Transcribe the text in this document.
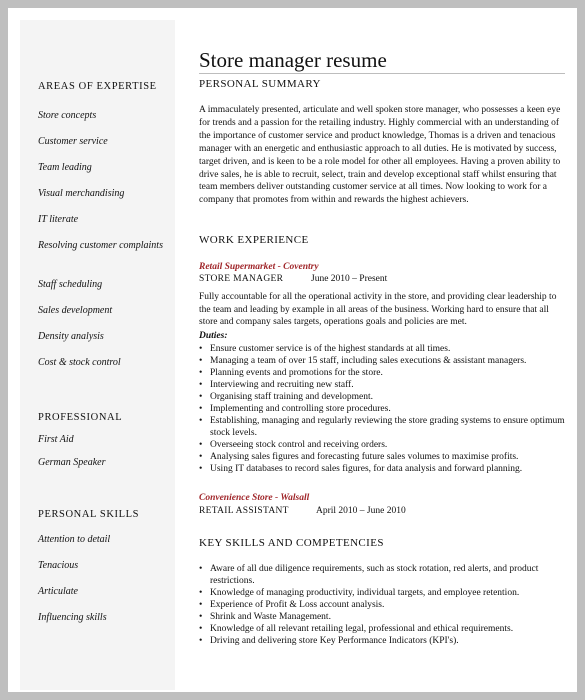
AREAS OF EXPERTISE
Store concepts
Customer service
Team leading
Visual merchandising
IT literate
Resolving customer complaints
Staff scheduling
Sales development
Density analysis
Cost & stock control
PROFESSIONAL
First Aid
German Speaker
PERSONAL SKILLS
Attention to detail
Tenacious
Articulate
Influencing skills
Store manager resume
PERSONAL SUMMARY

A immaculately presented, articulate and well spoken store manager, who possesses a keen eye for trends and a passion for the retailing industry. Highly commercial with an understanding of the importance of customer service and product knowledge, Thomas is a driven and tenacious manager with an energetic and enthusiastic approach to all duties. He is motivated by success, target driven, and is keen to be a role model for other all employees. Having a proven ability to drive sales, he is able to recruit, select, train and develop exceptional staff whilst ensuring that team members deliver outstanding customer service at all times. Now looking to work for a company that promotes from within and rewards the highest achievers.

WORK EXPERIENCE
Retail Supermarket - Coventry
STORE MANAGER	June 2010 – Present

Fully accountable for all the operational activity in the store, and providing clear leadership to the team and leading by example in all areas of the business. Working hard to ensure that all store and company sales targets, operations goals and policies are met.

Duties:
• Ensure customer service is of the highest standards at all times.
• Managing a team of over 15 staff, including sales executions & assistant managers.
• Planning events and promotions for the store.
• Interviewing and recruiting new staff.
• Organising staff training and development.
• Implementing and controlling store procedures.
• Establishing, managing and regularly reviewing the store grading systems to ensure optimum stock levels.
• Overseeing stock control and receiving orders.
• Analysing sales figures and forecasting future sales volumes to maximise profits.
• Using IT databases to record sales figures, for data analysis and forward planning.
Convenience Store - Walsall
RETAIL ASSISTANT	April 2010 – June 2010
KEY SKILLS AND COMPETENCIES
• Aware of all due diligence requirements, such as stock rotation, red alerts, and product restrictions.
• Knowledge of managing productivity, individual targets, and employee retention.
• Experience of Profit & Loss account analysis.
• Shrink and Waste Management.
• Knowledge of all relevant retailing legal, professional and ethical requirements.
• Driving and delivering store Key Performance Indicators (KPI's).
